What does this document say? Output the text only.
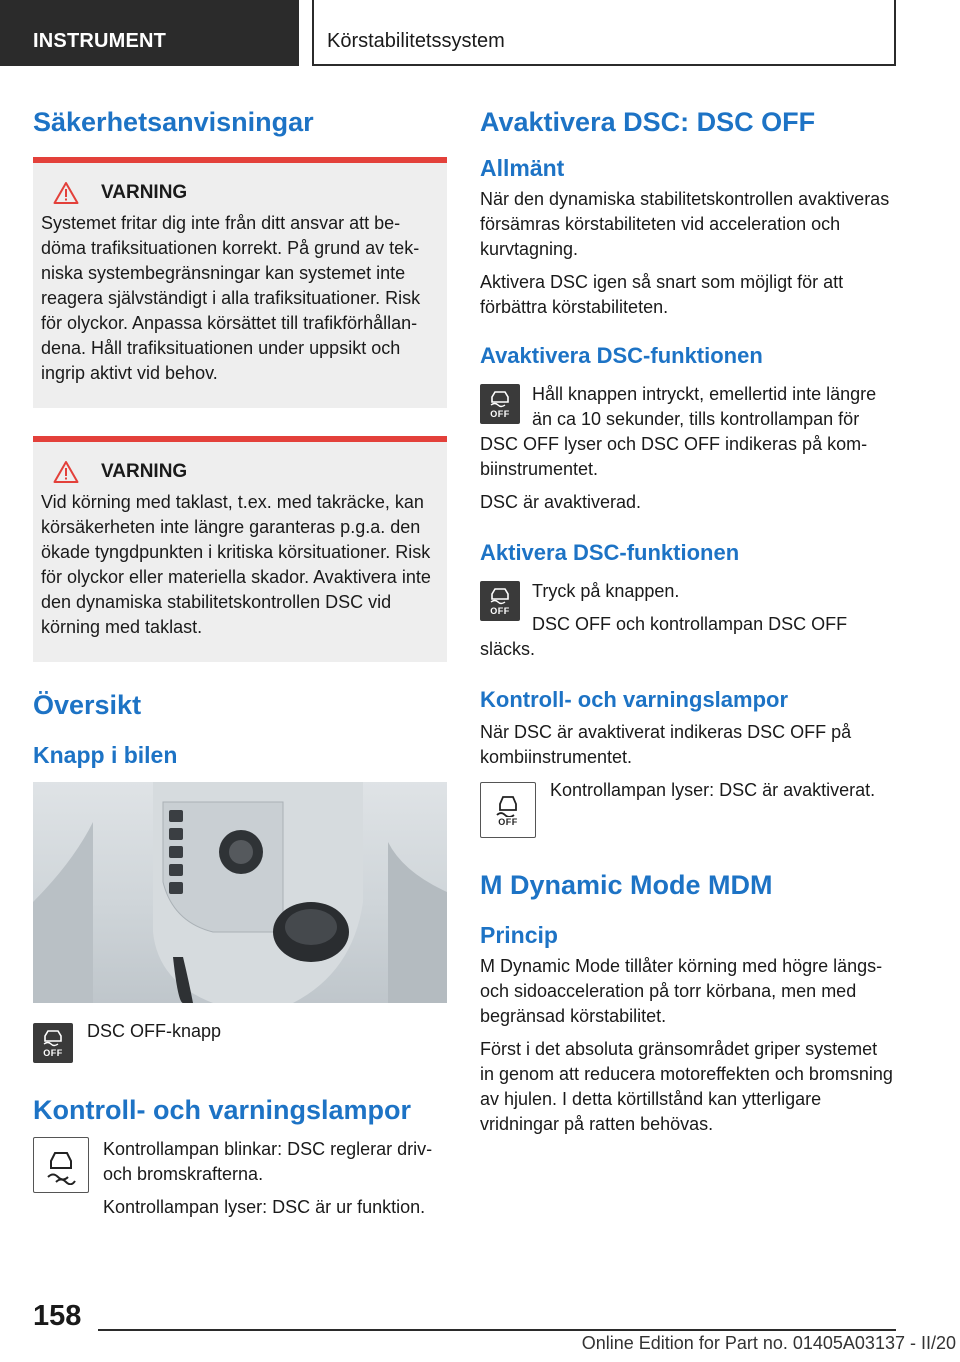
INSTRUMENT	Körstabilitetssystem
Säkerhetsanvisningar
VARNING

Systemet fritar dig inte från ditt ansvar att bedöma trafiksituationen korrekt. På grund av tekniska systembegränsningar kan systemet inte reagera självständigt i alla trafiksituationer. Risk för olyckor. Anpassa körsättet till trafikförhållandena. Håll trafiksituationen under uppsikt och ingrip aktivt vid behov.

VARNING

Vid körning med taklast, t.ex. med takräcke, kan körsäkerheten inte längre garanteras p.g.a. den ökade tyngdpunkten i kritiska körsituationer. Risk för olyckor eller materiella skador. Avaktivera inte den dynamiska stabilitetskontrollen DSC vid körning med taklast.

Översikt
Knapp i bilen
OFF
DSC OFF-knapp
Kontroll- och varningslampor

Kontrollampan blinkar: DSC reglerar driv- och bromskrafterna.

Kontrollampan lyser: DSC är ur funktion.

Avaktivera DSC: DSC OFF
Allmänt

När den dynamiska stabilitetskontrollen avaktiveras försämras körstabiliteten vid acceleration och kurvtagning.

Aktivera DSC igen så snart som möjligt för att förbättra körstabiliteten.

Avaktivera DSC-funktionen
OFF

Håll knappen intryckt, emellertid inte längre än ca 10 sekunder, tills kontrollampan för DSC OFF lyser och DSC OFF indikeras på kombiinstrumentet.

DSC är avaktiverad.

Aktivera DSC-funktionen
OFF

Tryck på knappen.

DSC OFF och kontrollampan DSC OFF släcks.

Kontroll- och varningslampor

När DSC är avaktiverat indikeras DSC OFF på kombiinstrumentet.

OFF

Kontrollampan lyser: DSC är avaktiverat.

M Dynamic Mode MDM
Princip

M Dynamic Mode tillåter körning med högre längs- och sidoacceleration på torr körbana, men med begränsad körstabilitet.

Först i det absoluta gränsområdet griper systemet in genom att reducera motoreffekten och bromsning av hjulen. I detta körtillstånd kan ytterligare vridningar på ratten behövas.

158
Online Edition for Part no. 01405A03137 - II/20
